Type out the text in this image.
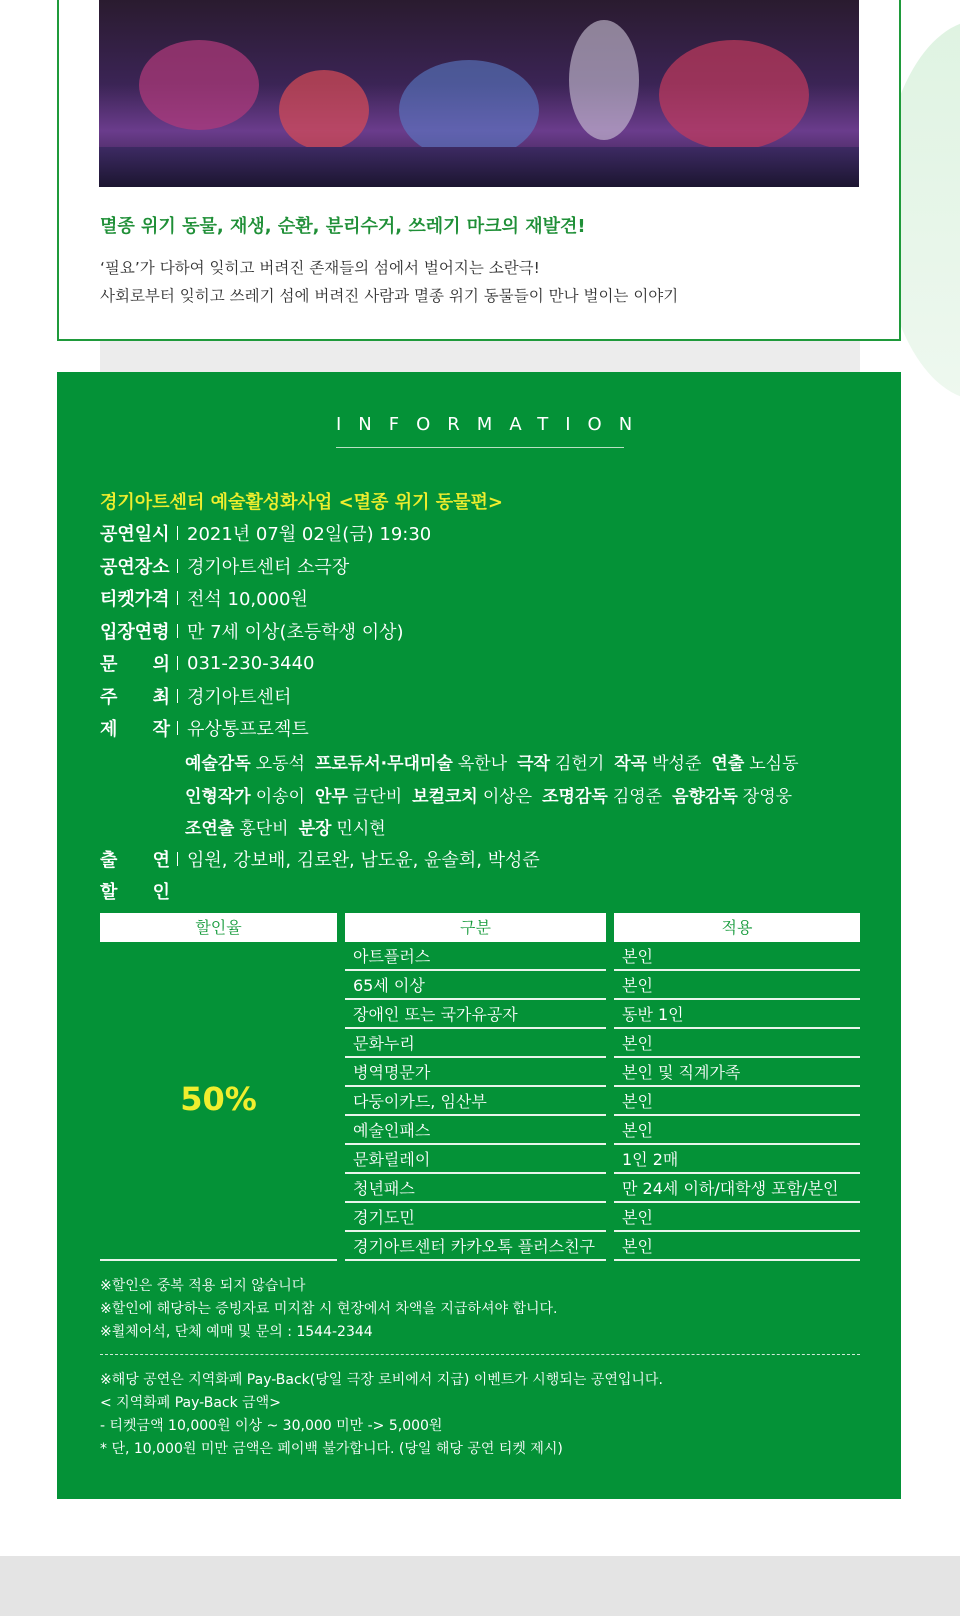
멸종 위기 동물, 재생, 순환, 분리수거, 쓰레기 마크의 재발견!
‘필요’가 다하여 잊히고 버려진 존재들의 섬에서 벌어지는 소란극!
사회로부터 잊히고 쓰레기 섬에 버려진 사람과 멸종 위기 동물들이 만나 벌이는 이야기
INFORMATION
경기아트센터 예술활성화사업 <멸종 위기 동물편>
공연일시 2021년 07월 02일(금) 19:30
공연장소 경기아트센터 소극장
티켓가격 전석 10,000원
입장연령 만 7세 이상(초등학생 이상)
문 의 031-230-3440
주 최 경기아트센터
제 작 유상통프로젝트
예술감독 오동석 프로듀서·무대미술 옥한나 극작 김헌기 작곡 박성준 연출 노심동
인형작가 이송이 안무 금단비 보컬코치 이상은 조명감독 김영준 음향감독 장영웅
조연출 홍단비 분장 민시현
출 연 임원, 강보배, 김로완, 남도윤, 윤솔희, 박성준
할 인
할인율	구분	적용
50%
아트플러스	본인
65세 이상	본인
장애인 또는 국가유공자	동반 1인
문화누리	본인
병역명문가	본인 및 직계가족
다둥이카드, 임산부	본인
예술인패스	본인
문화릴레이	1인 2매
청년패스	만 24세 이하/대학생 포함/본인
경기도민	본인
경기아트센터 카카오톡 플러스친구	본인
※할인은 중복 적용 되지 않습니다
※할인에 해당하는 증빙자료 미지참 시 현장에서 차액을 지급하셔야 합니다.
※휠체어석, 단체 예매 및 문의 : 1544-2344
※해당 공연은 지역화폐 Pay-Back(당일 극장 로비에서 지급) 이벤트가 시행되는 공연입니다.
< 지역화폐 Pay-Back 금액>
- 티켓금액 10,000원 이상 ~ 30,000 미만 -> 5,000원
* 단, 10,000원 미만 금액은 페이백 불가합니다. (당일 해당 공연 티켓 제시)
